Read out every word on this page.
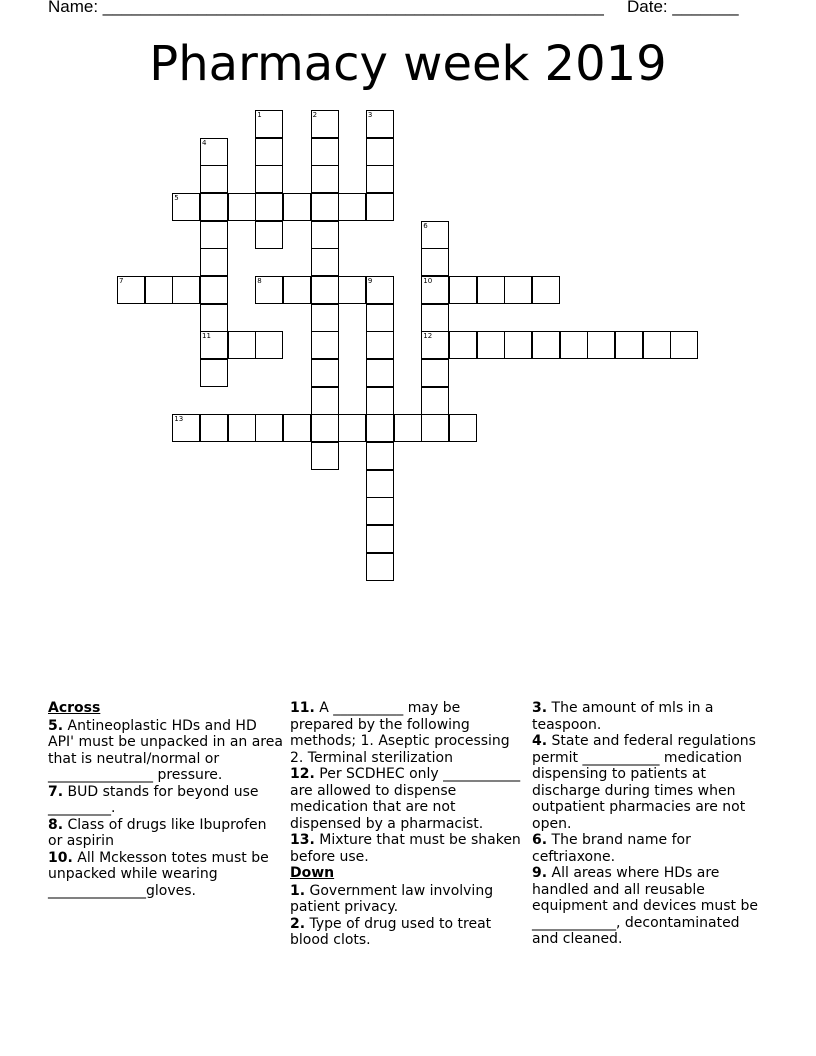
Name: _____________________________________________________ Date: _______
Pharmacy week 2019
5
7	8	9	10
11	12
13
1	2	3
4
6
Across
5. Antineoplastic HDs and HD API' must be unpacked in an area that is neutral/normal or _______________ pressure.
7. BUD stands for beyond use _________.
8. Class of drugs like Ibuprofen or aspirin
10. All Mckesson totes must be unpacked while wearing ______________gloves.
11. A __________ may be prepared by the following methods; 1. Aseptic processing 2. Terminal sterilization
12. Per SCDHEC only ___________ are allowed to dispense medication that are not dispensed by a pharmacist.
13. Mixture that must be shaken before use.
Down
1. Government law involving patient privacy.
2. Type of drug used to treat blood clots.
3. The amount of mls in a teaspoon.
4. State and federal regulations permit ___________ medication dispensing to patients at discharge during times when outpatient pharmacies are not open.
6. The brand name for ceftriaxone.
9. All areas where HDs are handled and all reusable equipment and devices must be ____________, decontaminated and cleaned.
